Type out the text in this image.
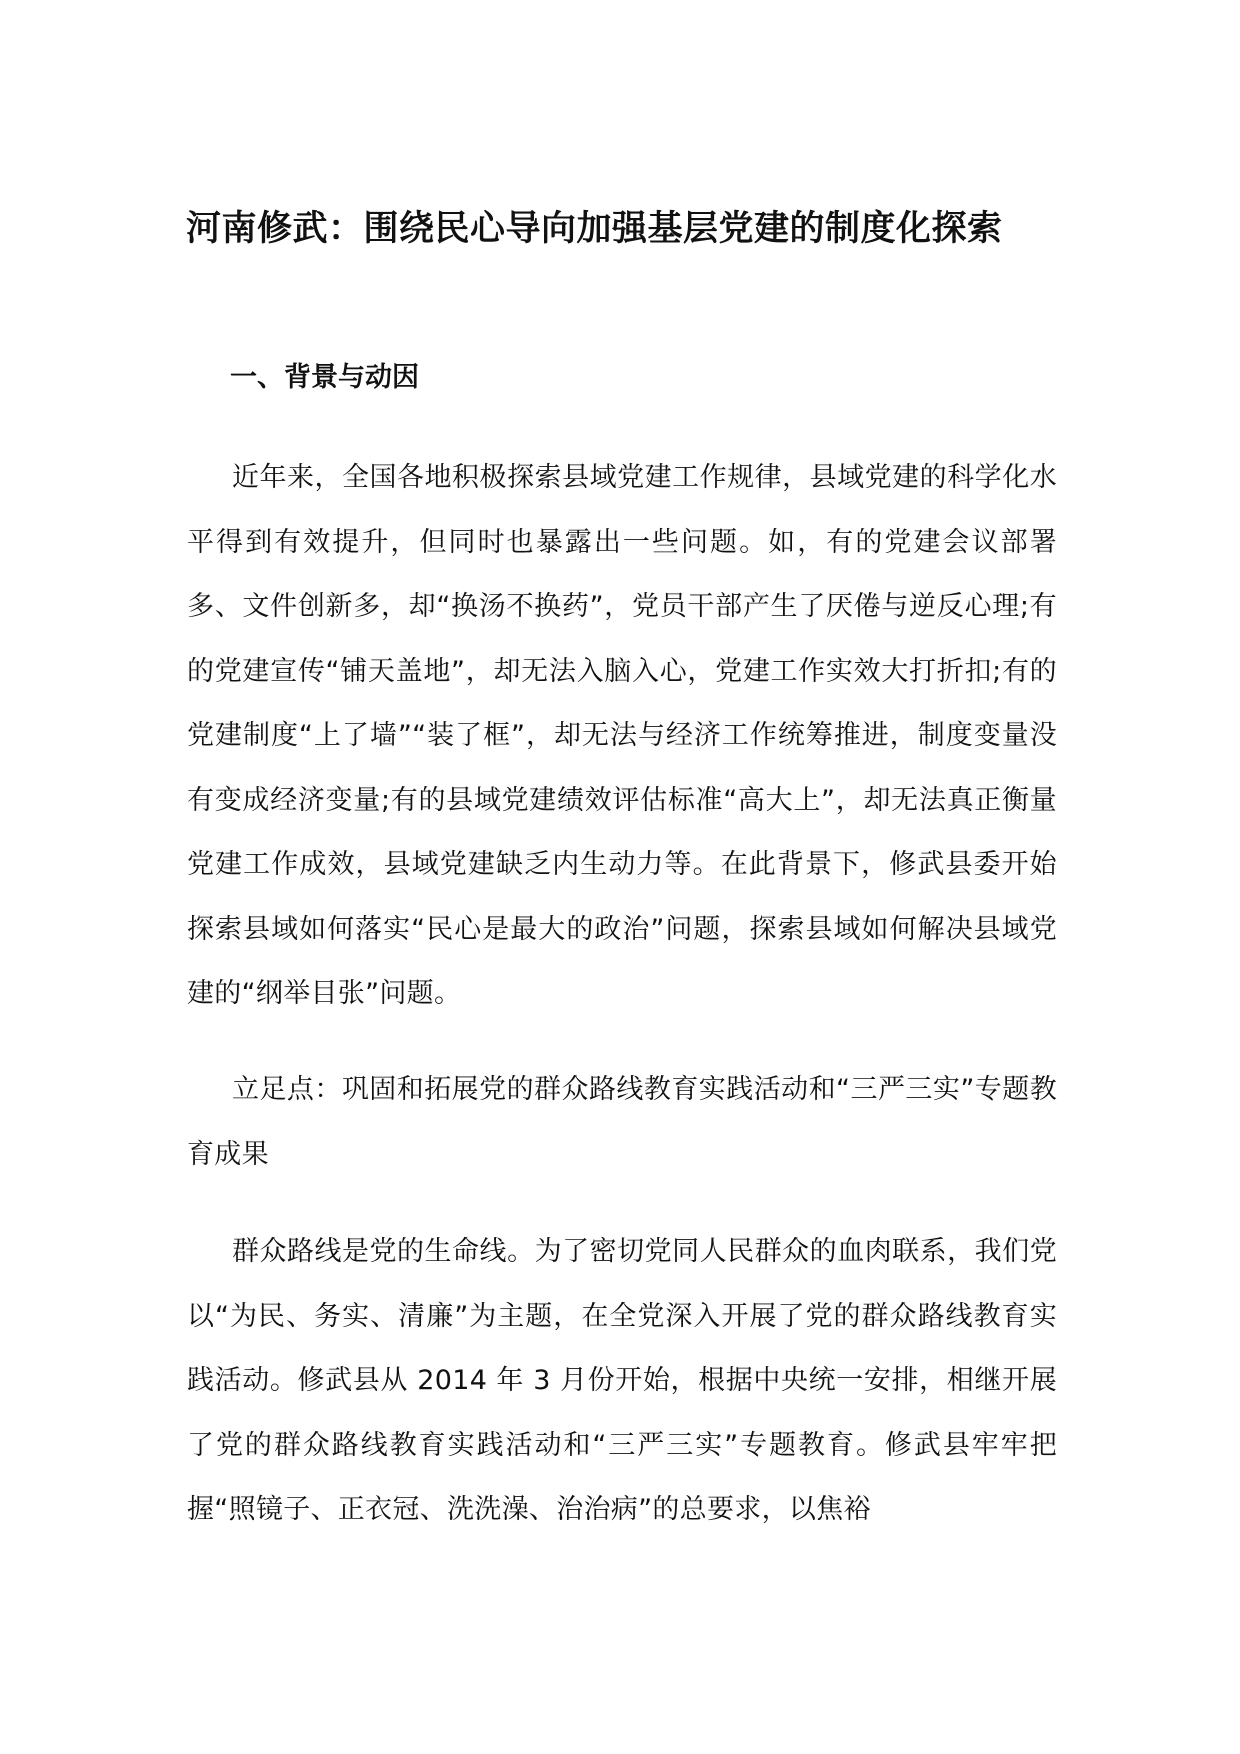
河南修武：围绕民心导向加强基层党建的制度化探索
一、背景与动因

近年来，全国各地积极探索县域党建工作规律，县域党建的科学化水平得到有效提升，但同时也暴露出一些问题。如，有的党建会议部署多、文件创新多，却“换汤不换药”，党员干部产生了厌倦与逆反心理;有的党建宣传“铺天盖地”，却无法入脑入心，党建工作实效大打折扣;有的党建制度“上了墙”“装了框”，却无法与经济工作统筹推进，制度变量没有变成经济变量;有的县域党建绩效评估标准“高大上”，却无法真正衡量党建工作成效，县域党建缺乏内生动力等。在此背景下，修武县委开始探索县域如何落实“民心是最大的政治”问题，探索县域如何解决县域党建的“纲举目张”问题。

立足点：巩固和拓展党的群众路线教育实践活动和“三严三实”专题教育成果

群众路线是党的生命线。为了密切党同人民群众的血肉联系，我们党以“为民、务实、清廉”为主题，在全党深入开展了党的群众路线教育实践活动。修武县从 2014 年 3 月份开始，根据中央统一安排，相继开展了党的群众路线教育实践活动和“三严三实”专题教育。修武县牢牢把握“照镜子、正衣冠、洗洗澡、治治病”的总要求，以焦裕
